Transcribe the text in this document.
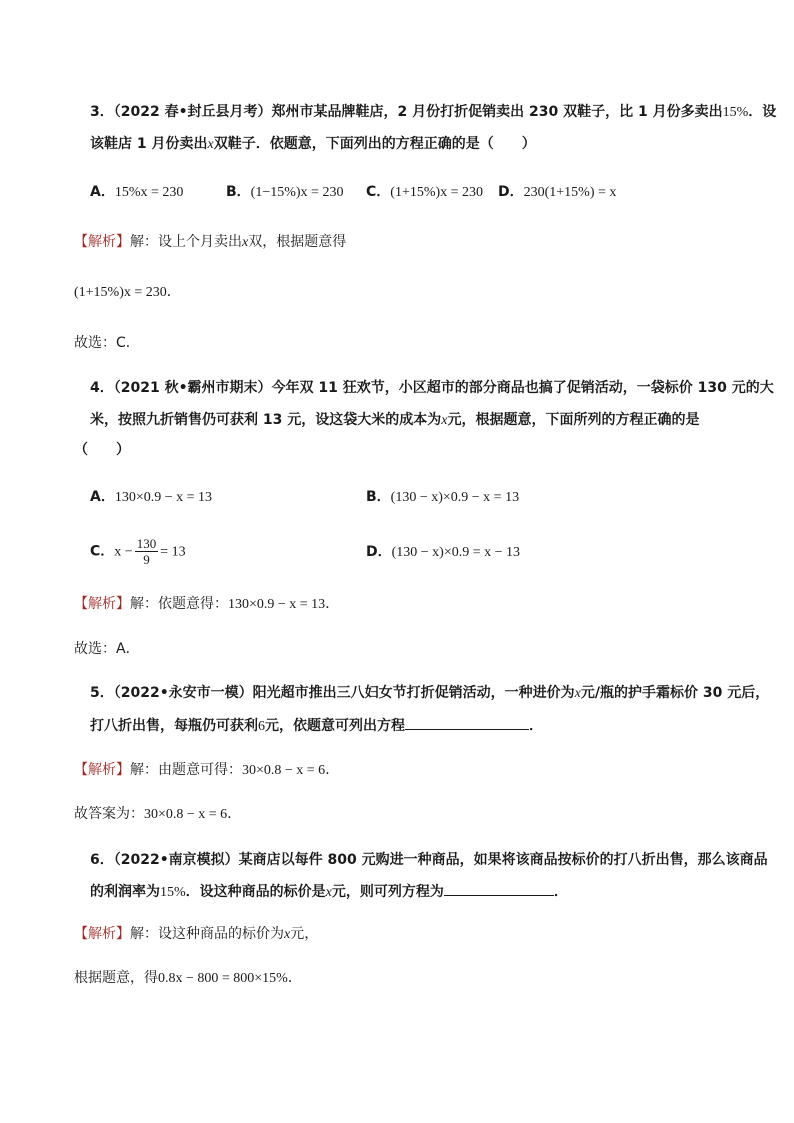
3．（2022 春•封丘县月考）郑州市某品牌鞋店，2 月份打折促销卖出 230 双鞋子，比 1 月份多卖出15%．设
该鞋店 1 月份卖出x双鞋子．依题意，下面列出的方程正确的是（　　）
A．15%x = 230	B．(1−15%)x = 230 C．(1+15%)x = 230 D．230(1+15%) = x
【解析】解：设上个月卖出x双，根据题意得
(1+15%)x = 230．
故选：C．
4．（2021 秋•霸州市期末）今年双 11 狂欢节，小区超市的部分商品也搞了促销活动，一袋标价 130 元的大
米，按照九折销售仍可获利 13 元，设这袋大米的成本为x元，根据题意，下面所列的方程正确的是
（　　）
A．130×0.9 − x = 13	B．(130 − x)×0.9 − x = 13
C．$x - \frac{130}{9} = 13$	D．(130 − x)×0.9 = x − 13
【解析】解：依题意得：130×0.9 − x = 13．
故选：A．
5．（2022•永安市一模）阳光超市推出三八妇女节打折促销活动，一种进价为x元/瓶的护手霜标价 30 元后，
打八折出售，每瓶仍可获利6元，依题意可列出方程	．
【解析】解：由题意可得：30×0.8 − x = 6．
故答案为：30×0.8 − x = 6．
6．（2022•南京模拟）某商店以每件 800 元购进一种商品，如果将该商品按标价的打八折出售，那么该商品
的利润率为15%．设这种商品的标价是x元，则可列方程为	．
【解析】解：设这种商品的标价为x元，
根据题意，得0.8x − 800 = 800×15%．
